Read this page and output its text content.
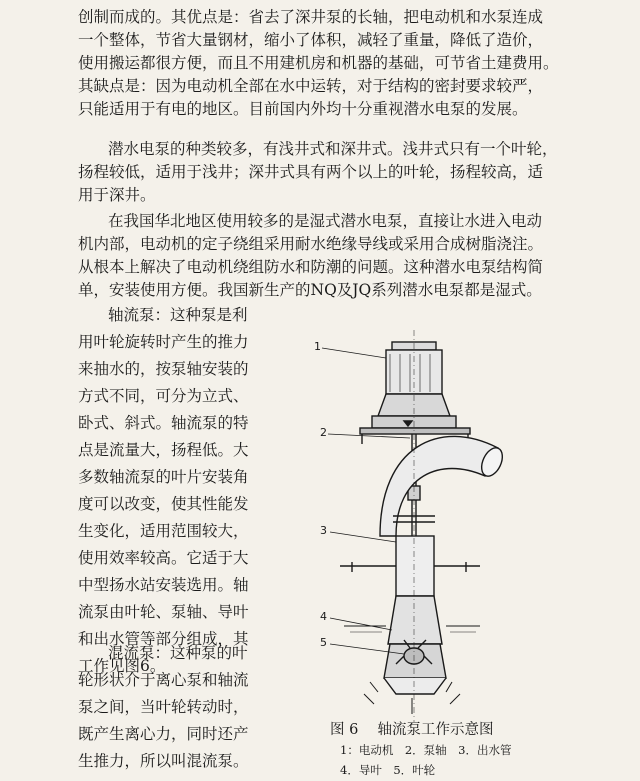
创制而成的。其优点是：省去了深井泵的长轴，把电动机和水泵连成
一个整体，节省大量钢材，缩小了体积，减轻了重量，降低了造价，
使用搬运都很方便，而且不用建机房和机器的基础，可节省土建费用。
其缺点是：因为电动机全部在水中运转，对于结构的密封要求较严，
只能适用于有电的地区。目前国内外均十分重视潜水电泵的发展。
潜水电泵的种类较多，有浅井式和深井式。浅井式只有一个叶轮，
扬程较低，适用于浅井；深井式具有两个以上的叶轮，扬程较高，适
用于深井。
在我国华北地区使用较多的是湿式潜水电泵，直接让水进入电动
机内部，电动机的定子绕组采用耐水绝缘导线或采用合成树脂浇注。
从根本上解决了电动机绕组防水和防潮的问题。这种潜水电泵结构简
单，安装使用方便。我国新生产的NQ及JQ系列潜水电泵都是湿式。
轴流泵：这种泵是利
用叶轮旋转时产生的推力
来抽水的，按泵轴安装的
方式不同，可分为立式、
卧式、斜式。轴流泵的特
点是流量大，扬程低。大
多数轴流泵的叶片安装角
度可以改变，使其性能发
生变化，适用范围较大，
使用效率较高。它适于大
中型扬水站安装选用。轴
流泵由叶轮、泵轴、导叶
和出水管等部分组成，其
工作见图6。
混流泵：这种泵的叶
轮形状介于离心泵和轴流
泵之间，当叶轮转动时，
既产生离心力，同时还产
生推力，所以叫混流泵。
1
2
3
4
5
图 6　 轴流泵工作示意图
1：电动机　2．泵轴　3．出水管
4．导叶　5．叶轮
